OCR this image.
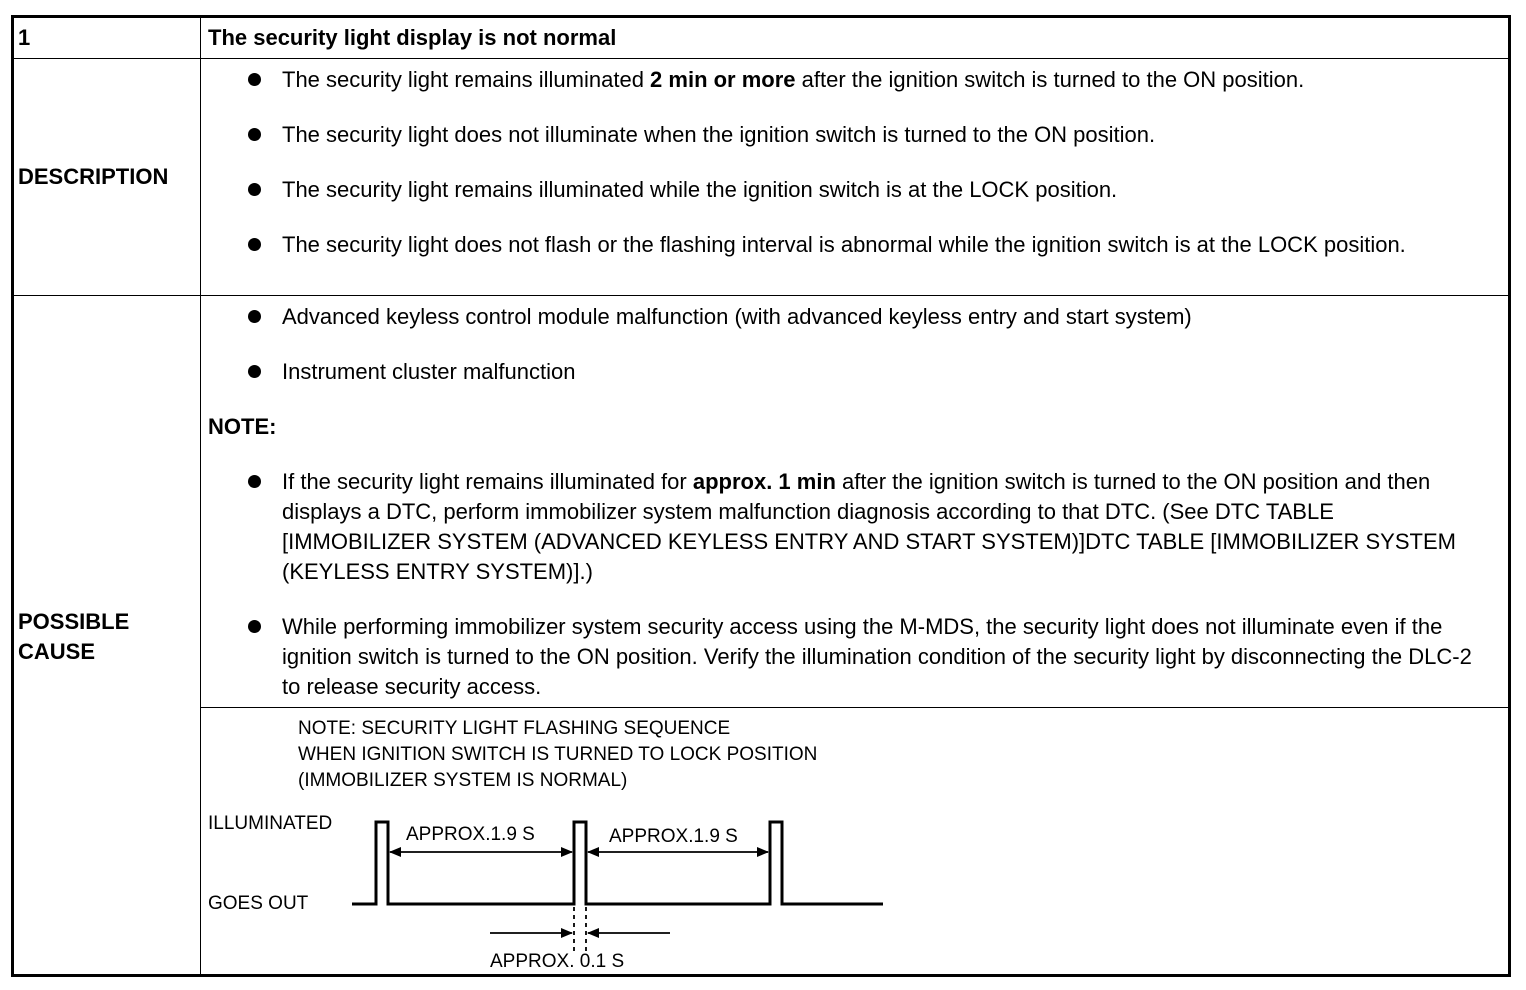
1	The security light display is not normal
DESCRIPTION
The security light remains illuminated 2 min or more after the ignition switch is turned to the ON position.
The security light does not illuminate when the ignition switch is turned to the ON position.
The security light remains illuminated while the ignition switch is at the LOCK position.
The security light does not flash or the flashing interval is abnormal while the ignition switch is at the LOCK position.
POSSIBLE
CAUSE
Advanced keyless control module malfunction (with advanced keyless entry and start system)
Instrument cluster malfunction
NOTE:
If the security light remains illuminated for approx. 1 min after the ignition switch is turned to the ON position and then displays a DTC, perform immobilizer system malfunction diagnosis according to that DTC. (See DTC TABLE [IMMOBILIZER SYSTEM (ADVANCED KEYLESS ENTRY AND START SYSTEM)]DTC TABLE [IMMOBILIZER SYSTEM (KEYLESS ENTRY SYSTEM)].)
While performing immobilizer system security access using the M-MDS, the security light does not illuminate even if the ignition switch is turned to the ON position. Verify the illumination condition of the security light by disconnecting the DLC-2 to release security access.
NOTE: SECURITY LIGHT FLASHING SEQUENCE
WHEN IGNITION SWITCH IS TURNED TO LOCK POSITION
(IMMOBILIZER SYSTEM IS NORMAL)
ILLUMINATED
GOES OUT
APPROX.1.9 S	APPROX.1.9 S
APPROX. 0.1 S
